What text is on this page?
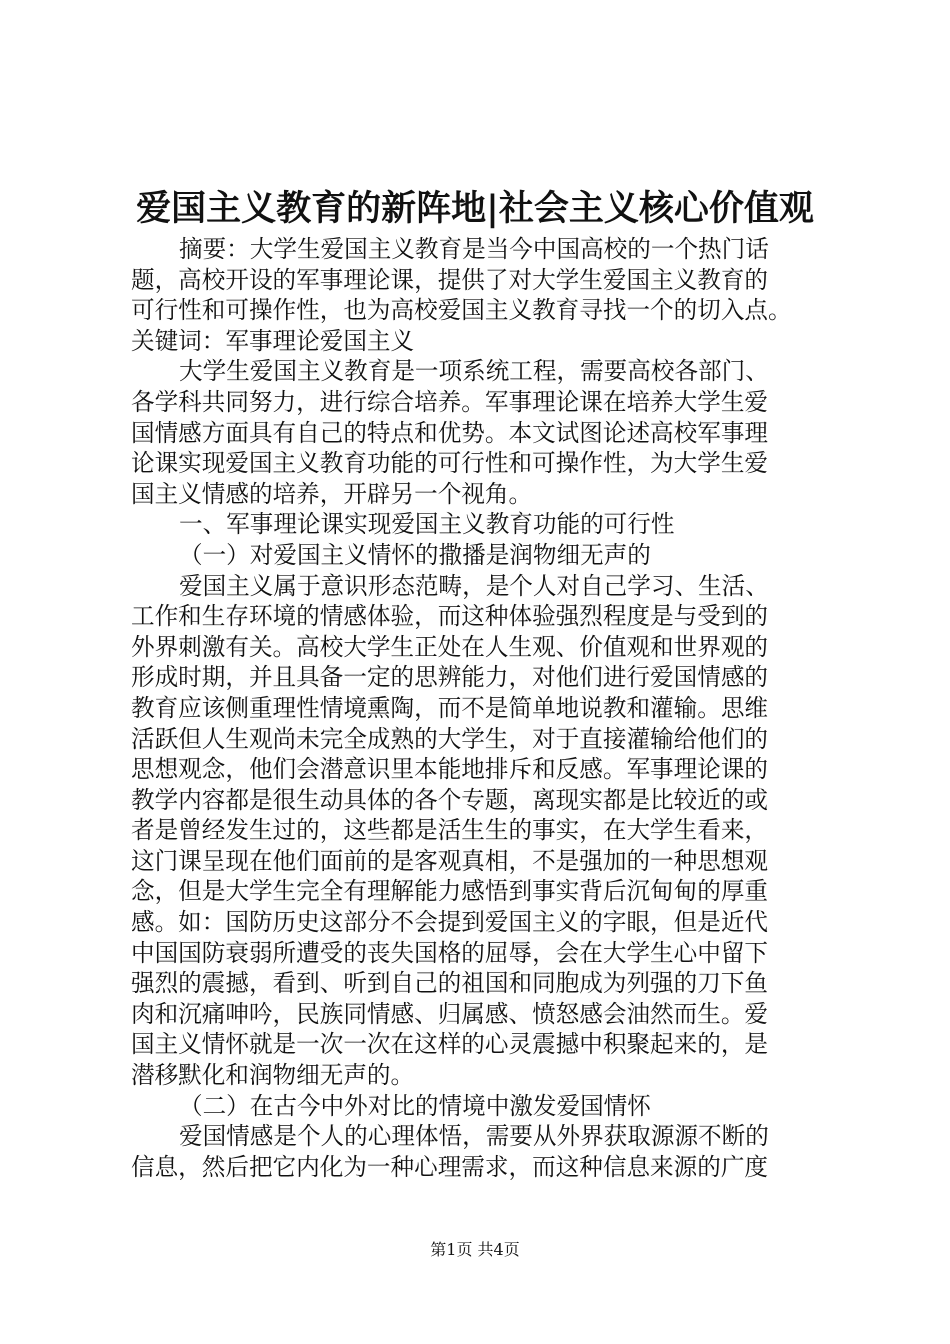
爱国主义教育的新阵地|社会主义核心价值观
摘要：大学生爱国主义教育是当今中国高校的一个热门话
题，高校开设的军事理论课，提供了对大学生爱国主义教育的
可行性和可操作性，也为高校爱国主义教育寻找一个的切入点。
关键词：军事理论爱国主义
大学生爱国主义教育是一项系统工程，需要高校各部门、
各学科共同努力，进行综合培养。军事理论课在培养大学生爱
国情感方面具有自己的特点和优势。本文试图论述高校军事理
论课实现爱国主义教育功能的可行性和可操作性，为大学生爱
国主义情感的培养，开辟另一个视角。
一、军事理论课实现爱国主义教育功能的可行性
（一）对爱国主义情怀的撒播是润物细无声的
爱国主义属于意识形态范畴，是个人对自己学习、生活、
工作和生存环境的情感体验，而这种体验强烈程度是与受到的
外界刺激有关。高校大学生正处在人生观、价值观和世界观的
形成时期，并且具备一定的思辨能力，对他们进行爱国情感的
教育应该侧重理性情境熏陶，而不是简单地说教和灌输。思维
活跃但人生观尚未完全成熟的大学生，对于直接灌输给他们的
思想观念，他们会潜意识里本能地排斥和反感。军事理论课的
教学内容都是很生动具体的各个专题，离现实都是比较近的或
者是曾经发生过的，这些都是活生生的事实，在大学生看来，
这门课呈现在他们面前的是客观真相，不是强加的一种思想观
念，但是大学生完全有理解能力感悟到事实背后沉甸甸的厚重
感。如：国防历史这部分不会提到爱国主义的字眼，但是近代
中国国防衰弱所遭受的丧失国格的屈辱，会在大学生心中留下
强烈的震撼，看到、听到自己的祖国和同胞成为列强的刀下鱼
肉和沉痛呻吟，民族同情感、归属感、愤怒感会油然而生。爱
国主义情怀就是一次一次在这样的心灵震撼中积聚起来的，是
潜移默化和润物细无声的。
（二）在古今中外对比的情境中激发爱国情怀
爱国情感是个人的心理体悟，需要从外界获取源源不断的
信息，然后把它内化为一种心理需求，而这种信息来源的广度
第1页 共4页
